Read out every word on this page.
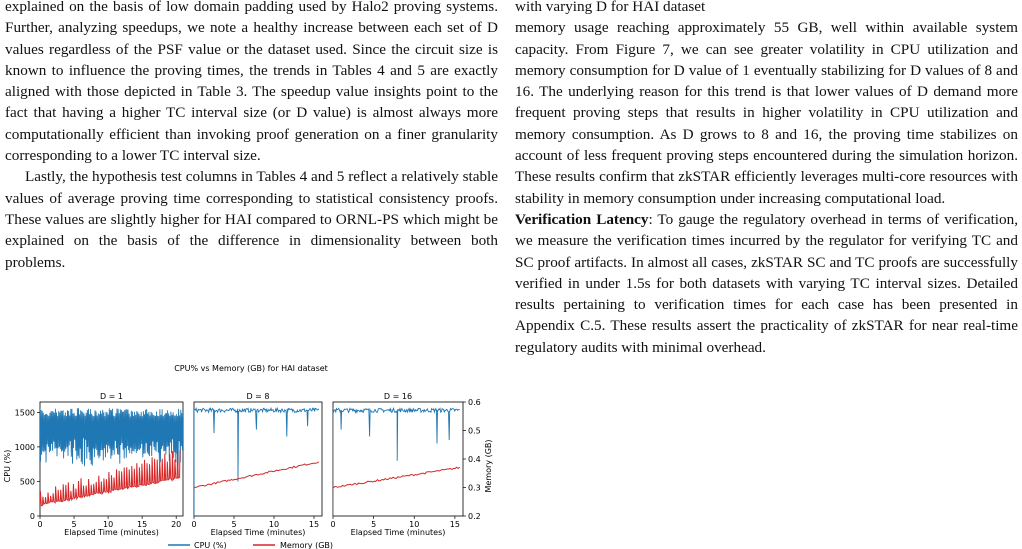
explained on the basis of low domain padding used by Halo2 proving systems. Further, analyzing speedups, we note a healthy increase between each set of D values regardless of the PSF value or the dataset used. Since the circuit size is known to influence the proving times, the trends in Tables 4 and 5 are exactly aligned with those depicted in Table 3. The speedup value insights point to the fact that having a higher TC interval size (or D value) is almost always more computationally efficient than invoking proof generation on a finer granularity corresponding to a lower TC interval size.

Lastly, the hypothesis test columns in Tables 4 and 5 reflect a relatively stable values of average proving time corresponding to statistical consistency proofs. These values are slightly higher for HAI compared to ORNL-PS which might be explained on the basis of the difference in dimensionality between both problems.

with varying D for HAI dataset

memory usage reaching approximately 55 GB, well within available system capacity. From Figure 7, we can see greater volatility in CPU utilization and memory consumption for D value of 1 eventually stabilizing for D values of 8 and 16. The underlying reason for this trend is that lower values of D demand more frequent proving steps that results in higher volatility in CPU utilization and memory consumption. As D grows to 8 and 16, the proving time stabilizes on account of less frequent proving steps encountered during the simulation horizon. These results confirm that zkSTAR efficiently leverages multi-core resources with stability in memory consumption under increasing computational load.

Verification Latency: To gauge the regulatory overhead in terms of verification, we measure the verification times incurred by the regulator for verifying TC and SC proof artifacts. In almost all cases, zkSTAR SC and TC proofs are successfully verified in under 1.5s for both datasets with varying TC interval sizes. Detailed results pertaining to verification times for each case has been presented in Appendix C.5. These results assert the practicality of zkSTAR for near real-time regulatory audits with minimal overhead.

CPU% vs Memory (GB) for HAI dataset
CPU (%)	Memory (GB)
D = 1
0	5	10	15	20
Elapsed Time (minutes)
0
500
1000
1500
D = 8
0	5	10	15
Elapsed Time (minutes)
D = 16
0	5	10	15
Elapsed Time (minutes)
0.2
0.3
0.4
0.5
0.6
CPU (%)	Memory (GB)
